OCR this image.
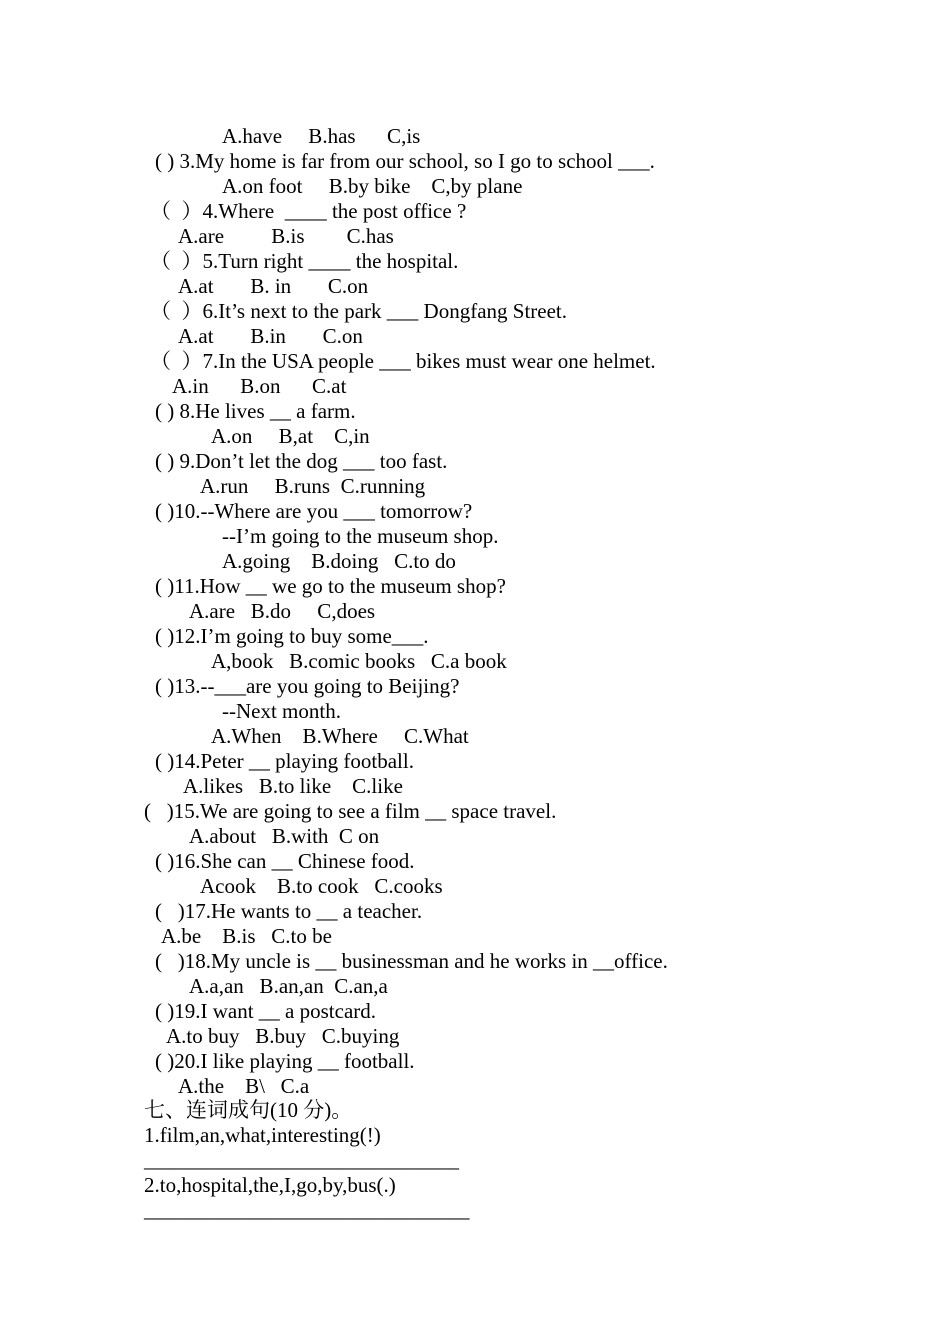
A.have     B.has      C,is
( ) 3.My home is far from our school, so I go to school ___.
A.on foot     B.by bike    C,by plane
（  ）4.Where  ____ the post office ?
A.are         B.is        C.has
（  ）5.Turn right ____ the hospital.
A.at       B. in       C.on
（  ）6.It’s next to the park ___ Dongfang Street.
A.at       B.in       C.on
（  ）7.In the USA people ___ bikes must wear one helmet.
A.in      B.on      C.at
( ) 8.He lives __ a farm.
A.on     B,at    C,in
( ) 9.Don’t let the dog ___ too fast.
A.run     B.runs  C.running
( )10.--Where are you ___ tomorrow?
--I’m going to the museum shop.
A.going    B.doing   C.to do
( )11.How __ we go to the museum shop?
A.are   B.do     C,does
( )12.I’m going to buy some___.
A,book   B.comic books   C.a book
( )13.--___are you going to Beijing?
--Next month.
A.When    B.Where     C.What
( )14.Peter __ playing football.
A.likes   B.to like    C.like
(   )15.We are going to see a film __ space travel.
A.about   B.with  C on
( )16.She can __ Chinese food.
Acook    B.to cook   C.cooks
(   )17.He wants to __ a teacher.
A.be    B.is   C.to be
(   )18.My uncle is __ businessman and he works in __office.
A.a,an   B.an,an  C.an,a
( )19.I want __ a postcard.
A.to buy   B.buy   C.buying
( )20.I like playing __ football.
A.the    B\   C.a
七、连词成句(10 分)。
1.film,an,what,interesting(!)
______________________________
2.to,hospital,the,I,go,by,bus(.)
_______________________________
